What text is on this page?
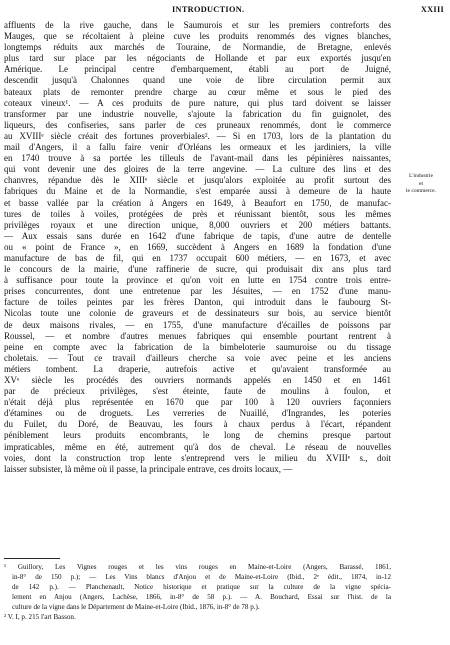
INTRODUCTION.	XXIII
affluents de la rive gauche, dans le Saumurois et sur les premiers contreforts des
Mauges, que se récoltaient à pleine cuve les produits renommés des vignes blanches,
longtemps réduits aux marchés de Touraine, de Normandie, de Bretagne, enlevés
plus tard sur place par les négociants de Hollande et par eux exportés jusqu'en
Amérique. Le principal centre d'embarquement, établi au port de Juigné,
descendit jusqu'à Chalonnes quand une voie de libre circulation permit aux
bateaux plats de remonter prendre charge au cœur même et sous le pied des
coteaux vineux¹. — A ces produits de pure nature, qui plus tard doivent se laisser
transformer par une industrie nouvelle, s'ajoute la fabrication du fin guignolet, des
liqueurs, des confiseries, sans parler de ces pruneaux renommés, dont le commerce
au XVIIIᵉ siècle créait des fortunes proverbiales². — Si en 1703, lors de la plantation du
mail d'Angers, il a fallu faire venir d'Orléans les ormeaux et les jardiniers, la ville
en 1740 trouve à sa portée les tilleuls de l'avant-mail dans les pépinières naissantes,
qui vont devenir une des gloires de la terre angevine. — La culture des lins et des
chanvres, répandue dès le XIIIᵉ siècle et jusqu'alors exploitée au profit surtout des
fabriques du Maine et de la Normandie, s'est emparée aussi à demeure de la haute
et basse vallée par la création à Angers en 1649, à Beaufort en 1750, de manufac-
tures de toiles à voiles, protégées de près et réunissant bientôt, sous les mêmes
privilèges royaux et une direction unique, 8,000 ouvriers et 200 métiers battants.
— Aux essais sans durée en 1642 d'une fabrique de tapis, d'une autre de dentelle
ou « point de France », en 1669, succèdent à Angers en 1689 la fondation d'une
manufacture de bas de fil, qui en 1737 occupait 600 métiers, — en 1673, et avec
le concours de la mairie, d'une raffinerie de sucre, qui produisait dix ans plus tard
à suffisance pour toute la province et qu'on voit en lutte en 1754 contre trois entre-
prises concurrentes, dont une entretenue par les Jésuites, — en 1752 d'une manu-
facture de toiles peintes par les frères Danton, qui introduit dans le faubourg St-
Nicolas toute une colonie de graveurs et de dessinateurs sur bois, au service bientôt
de deux maisons rivales, — en 1755, d'une manufacture d'écailles de poissons par
Roussel, — et nombre d'autres menues fabriques qui ensemble pourtant rentrent à
peine en compte avec la fabrication de la bimbeloterie saumuroise ou du tissage
choletais. — Tout ce travail d'ailleurs cherche sa voie avec peine et les anciens
métiers tombent. La draperie, autrefois active et qu'avaient transformée au
XVᵉ siècle les procédés des ouvriers normands appelés en 1450 et en 1461
par de précieux privilèges, s'est éteinte, faute de moulins à foulon, et
n'était déjà plus représentée en 1670 que par 100 à 120 ouvriers façonniers
d'étamines ou de droguets. Les verreries de Nuaillé, d'Ingrandes, les poteries
du Fuilet, du Doré, de Beauvau, les fours à chaux perdus à l'écart, répandent
péniblement leurs produits encombrants, le long de chemins presque partout
impraticables, même en été, autrement qu'à dos de cheval. Le réseau de nouvelles
voies, dont la construction trop lente s'entreprend vers le milieu du XVIIIᵉ s., doit
laisser subsister, là même où il passe, la principale entrave, ces droits locaux, —
L'industrie
et
le commerce.
¹ Guillory, Les Vignes rouges et les vins rouges en Maine-et-Loire (Angers, Barassé, 1861,
in-8° de 150 p.); — Les Vins blancs d'Anjou et de Maine-et-Loire (Ibid., 2ᵉ édit., 1874, in-12
de 142 p.). — Planchenault, Notice historique et pratique sur la culture de la vigne spécia-
lement en Anjou (Angers, Lachèse, 1866, in-8° de 58 p.). — A. Bouchard, Essai sur l'hist. de la
culture de la vigne dans le Département de Maine-et-Loire (Ibid., 1876, in-8° de 78 p.).
² V. I, p. 215 l'art Basson.
